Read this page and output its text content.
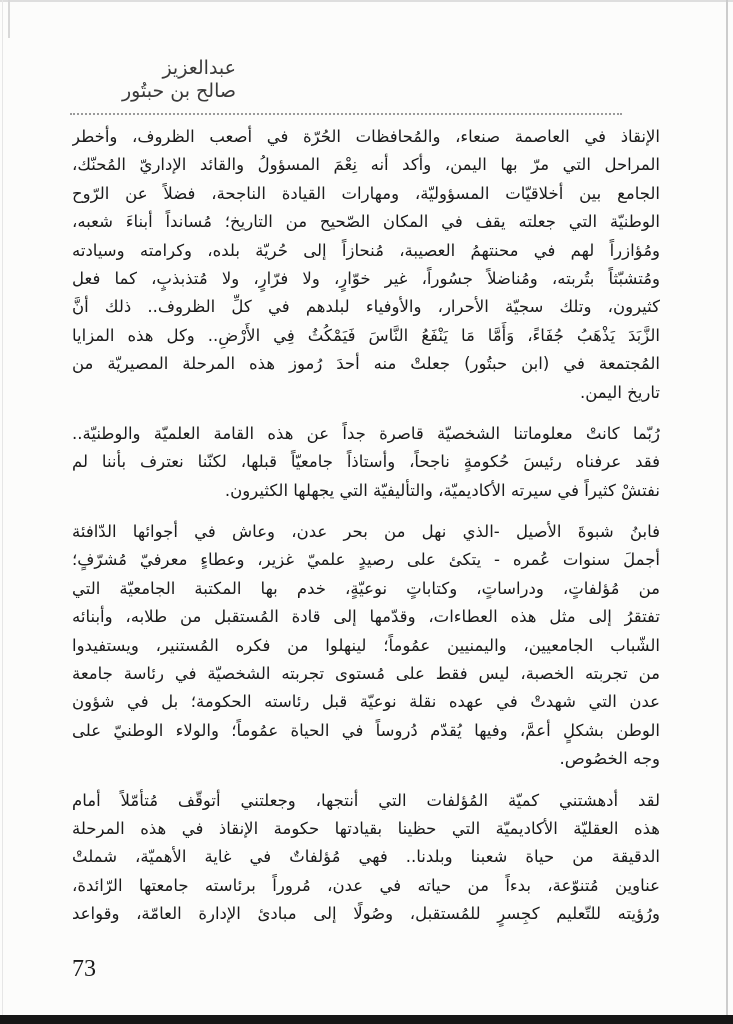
عبدالعزيز
صالح بن حبتُور
الإنقاذ في العاصمة صنعاء، والمُحافظات الحُرّة في أصعب الظروف، وأخطر
المراحل التي مرّ بها اليمن، وأكد أنه نِعْمَ المسؤولُ والقائد الإداريّ المُحنّك،
الجامع بين أخلاقيّات المسؤوليّة، ومهارات القيادة الناجحة، فضلاً عن الرّوح
الوطنيّة التي جعلته يقف في المكان الصّحيح من التاريخ؛ مُسانداً أبناءَ شعبه،
ومُؤازراً لهم في محنتهمُ العصيبة، مُنحازاً إلى حُريّة بلده، وكرامته وسيادته
ومُتشبّثاً بتُربته، ومُناضلاً جسُوراً، غير خوّارٍ، ولا فرّارٍ، ولا مُتذبذبٍ، كما فعل
كثيرون، وتلك سجيّة الأحرار، والأوفياء لبلدهم في كلِّ الظروف.. ذلك أنَّ
الزَّبَدَ يَذْهَبُ جُفَاءً، وَأَمَّا مَا يَنْفَعُ النَّاسَ فَيَمْكُثُ فِي الأَرْضِ.. وكل هذه المزايا
المُجتمعة في (ابن حبتُور) جعلتْ منه أحدَ رُموز هذه المرحلة المصيريّة من
تاريخ اليمن.
رُبّما كانتْ معلوماتنا الشخصيّة قاصرة جداً عن هذه القامة العلميّة والوطنيّة..
فقد عرفناه رئيسَ حُكومةٍ ناجحاً، وأستاذاً جامعيّاً قبلها، لكنّنا نعترف بأننا لم
نفتشْ كثيراً في سيرته الأكاديميّة، والتأليفيّة التي يجهلها الكثيرون.
فابنُ شبوةَ الأصيل -الذي نهل من بحر عدن، وعاش في أجوائها الدّافئة
أجملَ سنوات عُمره - يتكئ على رصيدٍ علميّ غزير، وعطاءٍ معرفيّ مُشرّفٍ؛
من مُؤلفاتٍ، ودراساتٍ، وكتاباتٍ نوعيّةٍ، خدم بها المكتبة الجامعيّة التي
تفتقرُ إلى مثل هذه العطاءات، وقدّمها إلى قادة المُستقبل من طلابه، وأبنائه
الشّباب الجامعيين، واليمنيين عمُوماً؛ لينهلوا من فكره المُستنير، ويستفيدوا
من تجربته الخصبة، ليس فقط على مُستوى تجربته الشخصيّة في رئاسة جامعة
عدن التي شهدتْ في عهده نقلة نوعيّة قبل رئاسته الحكومة؛ بل في شؤون
الوطن بشكلٍ أعمَّ، وفيها يُقدّم دُروساً في الحياة عمُوماً؛ والولاء الوطنيّ على
وجه الخصُوص.
لقد أدهشتني كميّة المُؤلفات التي أنتجها، وجعلتني أتوقّف مُتأمّلاً أمام
هذه العقليّة الأكاديميّة التي حظينا بقيادتها حكومة الإنقاذ في هذه المرحلة
الدقيقة من حياة شعبنا وبلدنا.. فهي مُؤلفاتٌ في غاية الأهميّة، شملتْ
عناوين مُتنوّعة، بدءاً من حياته في عدن، مُروراً برئاسته جامعتها الرّائدة،
ورُؤيته للتّعليم كجِسرٍ للمُستقبل، وصُولًا إلى مبادئ الإدارة العامّة، وقواعد
73
